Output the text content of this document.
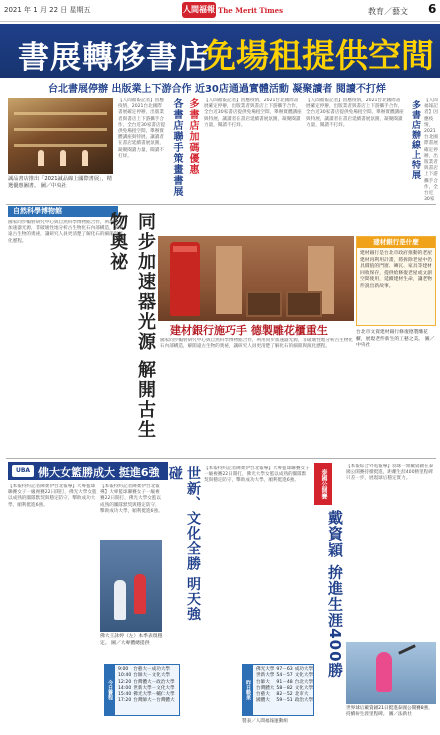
2021 年 1 月 22 日 星期五	人間福報 The Merit Times	教育／藝文 6
書展轉移書店
免場租提供空間
台北書展停辦 出版業上下游合作 近30店通過實體活動 凝聚讀者 閱讀不打烊
誠品書店推出「2021誠品線上國際書展」，精選優惠圖書。 圖／中央社
【人間福報記者】因應疫情，2021台北國際書展確定停辦，出版業者與書店上下游攜手合作，全台近30家書店提供免場租空間，舉辦實體講座與特展，讓讀者在書店延續書展氛圍，凝聚閱讀力量，閱讀不打烊。	各書店聯手策畫書展 多書店加碼優惠	【人間福報記者】因應疫情，2021台北國際書展確定停辦，出版業者與書店上下游攜手合作，全台近30家書店提供免場租空間，舉辦實體講座與特展，讓讀者在書店延續書展氛圍，凝聚閱讀力量，閱讀不打烊。
【人間福報記者】因應疫情，2021台北國際書展確定停辦，出版業者與書店上下游攜手合作，全台近30家書店提供免場租空間，舉辦實體講座與特展，讓讀者在書店延續書展氛圍，凝聚閱讀力量，閱讀不打烊。	多書店辦線上特展 【人間福報記者】因應疫情，2021台北國際書展確定停辦，出版業者與書店上下游攜手合作，全台近30家
自然科學博物館
國家同步輻射研究中心與自然科學博物館合作，利用同步加速器光源，非破壞性地分析古生物化石內部構造，解開遠古生物的奧祕，讓研究人員更清楚了解化石的細節與演化歷程。	同步加速器光源 解開古生物奧祕
建材銀行施巧手 德製雕花櫃重生
國家同步輻射研究中心與自然科學博物館合作，利用同步加速器光源，非破壞性地分析古生物化石內部構造，解開遠古生物的奧祕，讓研究人員更清楚了解化石的細節與演化歷程。
建材銀行是什麼
建材銀行是台北市政府推動的老屋建材再利用計畫，將拆除老屋中仍具價值的門窗、磚瓦、家具等建材回收保存，提供給修復老屋或文創空間使用，延續建材生命，讓老物件說出新故事。
台北市文資建材銀行修復德製雕花櫃，展現老件新生的工藝之美。 圖／中央社
UBA 佛大女籃勝成大 挺進6強
【本報特約記者陳柔伊台北報導】大專籃球聯賽女子一級複賽22日開打，佛光大學女籃以成熟的團隊默契與穩定防守，擊敗成功大學，順利挺進6強。
【本報特約記者陳柔伊台北報導】大專籃球聯賽女子一級複賽22日開打，佛光大學女籃以成熟的團隊默契與穩定防守，擊敗成功大學，順利挺進6強。
佛大王詠婷（左）本季表現穩定。 圖／大專體總提供
世新、文化全勝 明天強碰	【本報特約記者陳柔伊台北報導】大專籃球聯賽女子一級複賽22日開打，佛光大學女籃以成熟的團隊默契與穩定防守，擊敗成功大學，順利挺進6強。
今日賽程
9:00	台藝大－成功大學
10:40	台師大－文化大學
12:20	台灣體大－政治大學
14:00	世新大學－文化大學
15:40	佛光大學－輔仁大學
17:20	台灣師大－台灣體大
昨日戰果
佛光大學	97－63	成功大學
世新大學	54－57	文化大學
台師大	91－48	台北大學
台灣體大	58－82	文化大學
台藝大	82－52	北市大
國體大	59－51	政治大學
製表／人間福報運動組
泰國公開賽
戴資穎 拚進生涯400勝
【本報綜合外電報導】羽球一姐戴資穎在泰國公開賽持續挺進，距離生涯400勝里程碑只差一步，展現球后穩定實力。
世界球后戴資穎21日挺進泰國公開賽8強，持續拚生涯里程碑。 圖／法新社
